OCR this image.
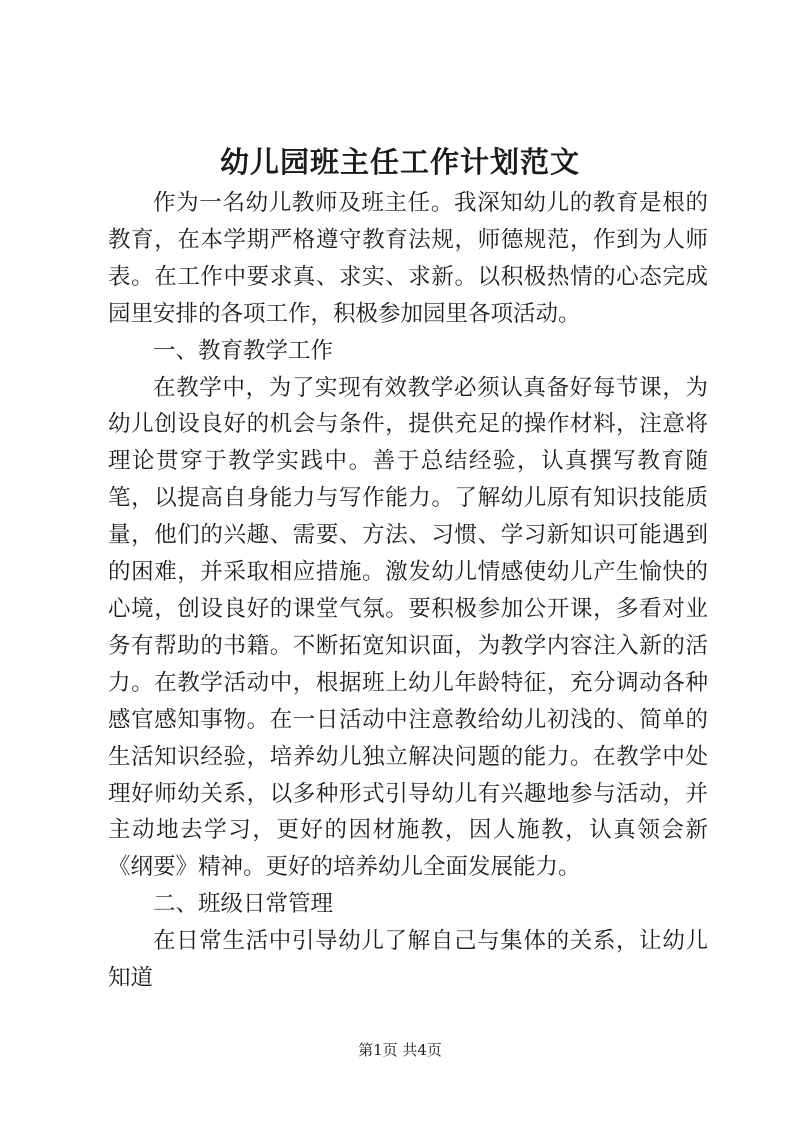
幼儿园班主任工作计划范文

作为一名幼儿教师及班主任。我深知幼儿的教育是根的教育，在本学期严格遵守教育法规，师德规范，作到为人师表。在工作中要求真、求实、求新。以积极热情的心态完成园里安排的各项工作，积极参加园里各项活动。

一、教育教学工作

在教学中，为了实现有效教学必须认真备好每节课，为幼儿创设良好的机会与条件，提供充足的操作材料，注意将理论贯穿于教学实践中。善于总结经验，认真撰写教育随笔，以提高自身能力与写作能力。了解幼儿原有知识技能质量，他们的兴趣、需要、方法、习惯、学习新知识可能遇到的困难，并采取相应措施。激发幼儿情感使幼儿产生愉快的心境，创设良好的课堂气氛。要积极参加公开课，多看对业务有帮助的书籍。不断拓宽知识面，为教学内容注入新的活力。在教学活动中，根据班上幼儿年龄特征，充分调动各种感官感知事物。在一日活动中注意教给幼儿初浅的、简单的生活知识经验，培养幼儿独立解决问题的能力。在教学中处理好师幼关系，以多种形式引导幼儿有兴趣地参与活动，并主动地去学习，更好的因材施教，因人施教，认真领会新《纲要》精神。更好的培养幼儿全面发展能力。

二、班级日常管理

在日常生活中引导幼儿了解自己与集体的关系，让幼儿知道

第1页 共4页
